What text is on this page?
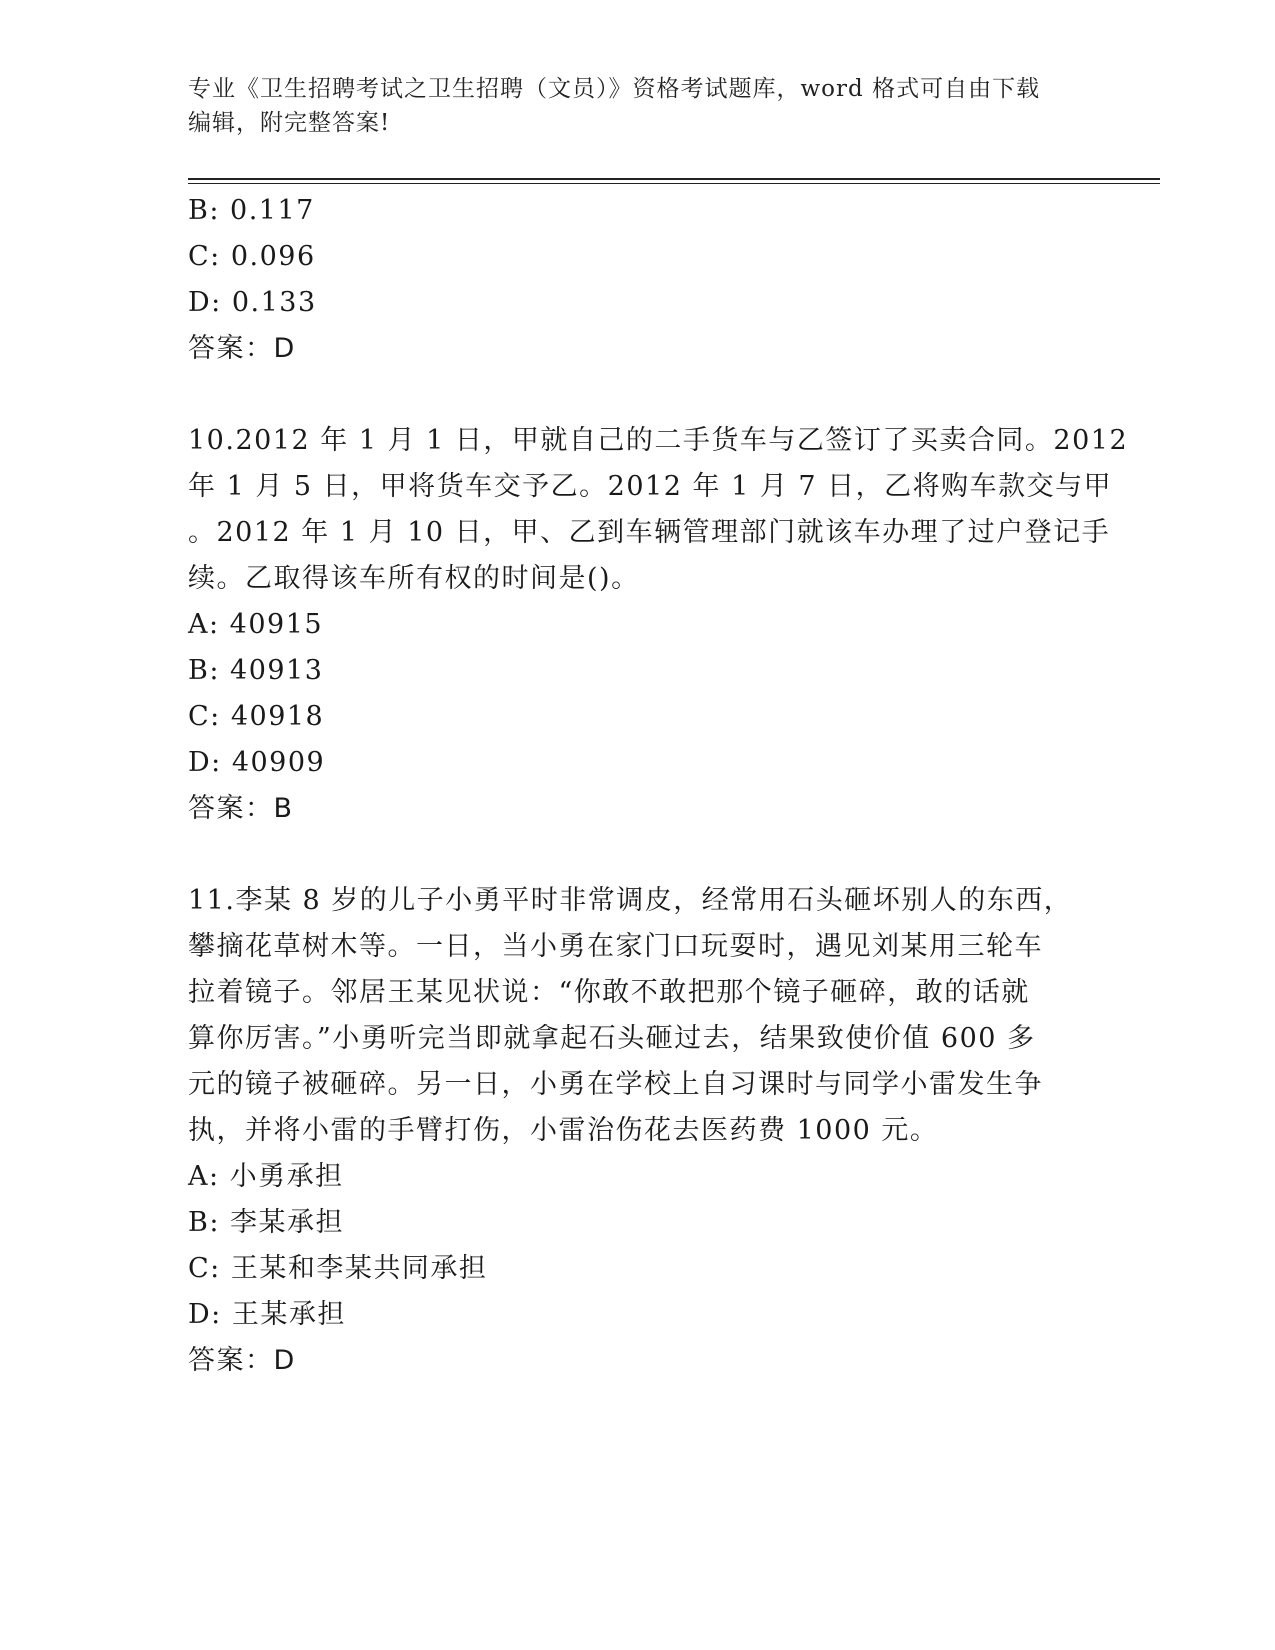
专业《卫生招聘考试之卫生招聘（文员）》资格考试题库，word 格式可自由下载
编辑，附完整答案!
B: 0.117
C: 0.096
D: 0.133
答案：D
10.2012 年 1 月 1 日，甲就自己的二手货车与乙签订了买卖合同。2012
年 1 月 5 日，甲将货车交予乙。2012 年 1 月 7 日，乙将购车款交与甲
。2012 年 1 月 10 日，甲、乙到车辆管理部门就该车办理了过户登记手
续。乙取得该车所有权的时间是()。
A: 40915
B: 40913
C: 40918
D: 40909
答案：B
11.李某 8 岁的儿子小勇平时非常调皮，经常用石头砸坏别人的东西，
攀摘花草树木等。一日，当小勇在家门口玩耍时，遇见刘某用三轮车
拉着镜子。邻居王某见状说：“你敢不敢把那个镜子砸碎，敢的话就
算你厉害。”小勇听完当即就拿起石头砸过去，结果致使价值 600 多
元的镜子被砸碎。另一日，小勇在学校上自习课时与同学小雷发生争
执，并将小雷的手臂打伤，小雷治伤花去医药费 1000 元。
A: 小勇承担
B: 李某承担
C: 王某和李某共同承担
D: 王某承担
答案：D
